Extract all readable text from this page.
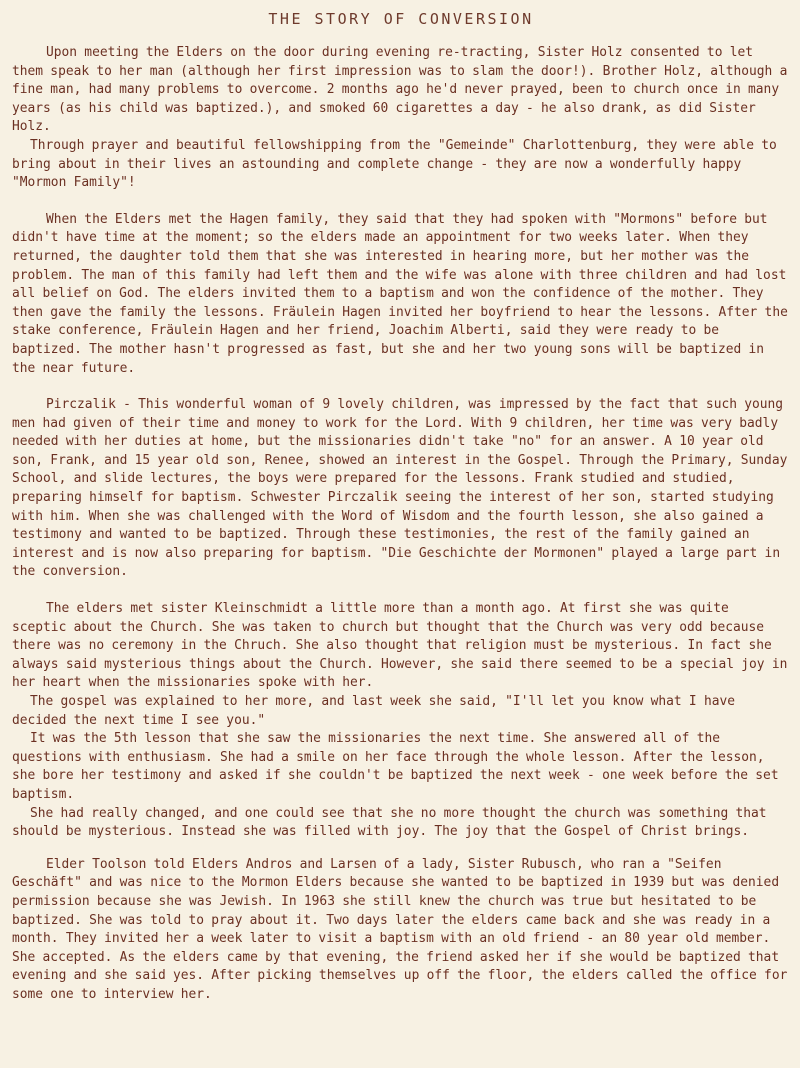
THE STORY OF CONVERSION

Upon meeting the Elders on the door during evening re-tracting, Sister Holz consented to let them speak to her man (although her first impression was to slam the door!). Brother Holz, although a fine man, had many problems to overcome. 2 months ago he'd never prayed, been to church once in many years (as his child was baptized.), and smoked 60 cigarettes a day - he also drank, as did Sister Holz.

Through prayer and beautiful fellowshipping from the "Gemeinde" Charlottenburg, they were able to bring about in their lives an astounding and complete change - they are now a wonderfully happy "Mormon Family"!

When the Elders met the Hagen family, they said that they had spoken with "Mormons" before but didn't have time at the moment; so the elders made an appointment for two weeks later. When they returned, the daughter told them that she was interested in hearing more, but her mother was the problem. The man of this family had left them and the wife was alone with three children and had lost all belief on God. The elders invited them to a baptism and won the confidence of the mother. They then gave the family the lessons. Fräulein Hagen invited her boyfriend to hear the lessons. After the stake conference, Fräulein Hagen and her friend, Joachim Alberti, said they were ready to be baptized. The mother hasn't progressed as fast, but she and her two young sons will be baptized in the near future.

Pirczalik - This wonderful woman of 9 lovely children, was impressed by the fact that such young men had given of their time and money to work for the Lord. With 9 children, her time was very badly needed with her duties at home, but the missionaries didn't take "no" for an answer. A 10 year old son, Frank, and 15 year old son, Renee, showed an interest in the Gospel. Through the Primary, Sunday School, and slide lectures, the boys were prepared for the lessons. Frank studied and studied, preparing himself for baptism. Schwester Pirczalik seeing the interest of her son, started studying with him. When she was challenged with the Word of Wisdom and the fourth lesson, she also gained a testimony and wanted to be baptized. Through these testimonies, the rest of the family gained an interest and is now also preparing for baptism. "Die Geschichte der Mormonen" played a large part in the conversion.

The elders met sister Kleinschmidt a little more than a month ago. At first she was quite sceptic about the Church. She was taken to church but thought that the Church was very odd because there was no ceremony in the Chruch. She also thought that religion must be mysterious. In fact she always said mysterious things about the Church. However, she said there seemed to be a special joy in her heart when the missionaries spoke with her.

The gospel was explained to her more, and last week she said, "I'll let you know what I have decided the next time I see you."

It was the 5th lesson that she saw the missionaries the next time. She answered all of the questions with enthusiasm. She had a smile on her face through the whole lesson. After the lesson, she bore her testimony and asked if she couldn't be baptized the next week - one week before the set baptism.

She had really changed, and one could see that she no more thought the church was something that should be mysterious. Instead she was filled with joy. The joy that the Gospel of Christ brings.

Elder Toolson told Elders Andros and Larsen of a lady, Sister Rubusch, who ran a "Seifen Geschäft" and was nice to the Mormon Elders because she wanted to be baptized in 1939 but was denied permission because she was Jewish. In 1963 she still knew the church was true but hesitated to be baptized. She was told to pray about it. Two days later the elders came back and she was ready in a month. They invited her a week later to visit a baptism with an old friend - an 80 year old member. She accepted. As the elders came by that evening, the friend asked her if she would be baptized that evening and she said yes. After picking themselves up off the floor, the elders called the office for some one to interview her.
